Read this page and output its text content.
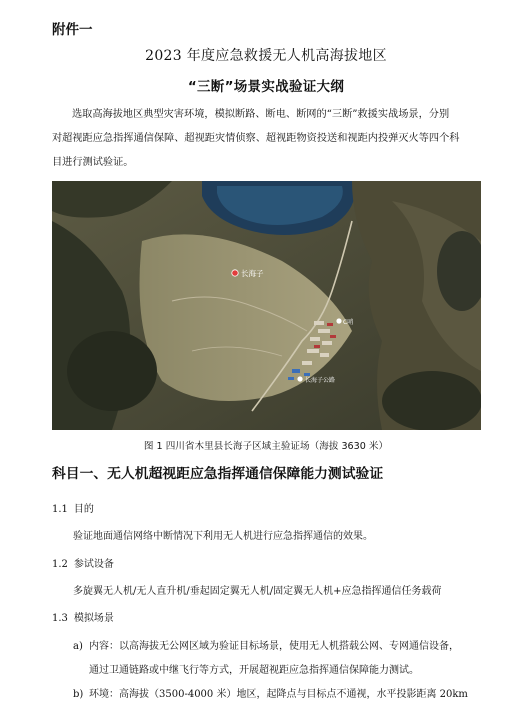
附件一
2023 年度应急救援无人机高海拔地区
“三断”场景实战验证大纲

选取高海拔地区典型灾害环境，模拟断路、断电、断网的“三断”救援实战场景，分别

对超视距应急指挥通信保障、超视距灾情侦察、超视距物资投送和视距内投弹灭火等四个科
目进行测试验证。
长海子
C哨
长海子公路
图 1 四川省木里县长海子区域主验证场（海拔 3630 米）
科目一、无人机超视距应急指挥通信保障能力测试验证
1.1 目的
验证地面通信网络中断情况下利用无人机进行应急指挥通信的效果。
1.2 参试设备
多旋翼无人机/无人直升机/垂起固定翼无人机/固定翼无人机+应急指挥通信任务载荷
1.3 模拟场景
a) 内容：以高海拔无公网区域为验证目标场景，使用无人机搭载公网、专网通信设备，
通过卫通链路或中继飞行等方式，开展超视距应急指挥通信保障能力测试。
b) 环境：高海拔（3500-4000 米）地区，起降点与目标点不通视，水平投影距离 20km
